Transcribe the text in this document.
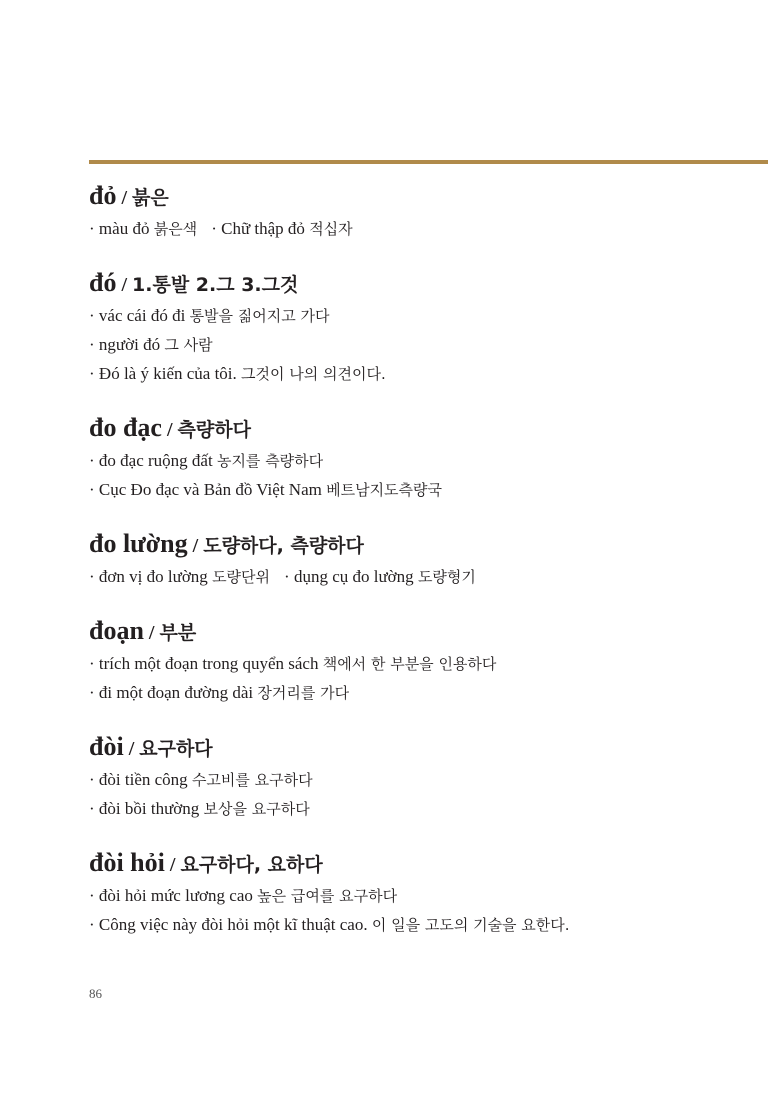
đỏ / 붉은
· màu đỏ 붉은색 · Chữ thập đỏ 적십자
đó / 1.통발 2.그 3.그것
· vác cái đó đi 통발을 짊어지고 가다
· người đó 그 사람
· Đó là ý kiến của tôi. 그것이 나의 의견이다.
đo đạc / 측량하다
· đo đạc ruộng đất 농지를 측량하다
· Cục Đo đạc và Bản đồ Việt Nam 베트남지도측량국
đo lường / 도량하다, 측량하다
· đơn vị đo lường 도량단위 · dụng cụ đo lường 도량형기
đoạn / 부분
· trích một đoạn trong quyển sách 책에서 한 부분을 인용하다
· đi một đoạn đường dài 장거리를 가다
đòi / 요구하다
· đòi tiền công 수고비를 요구하다
· đòi bồi thường 보상을 요구하다
đòi hỏi / 요구하다, 요하다
· đòi hỏi mức lương cao 높은 급여를 요구하다
· Công việc này đòi hỏi một kĩ thuật cao. 이 일을 고도의 기술을 요한다.
86
